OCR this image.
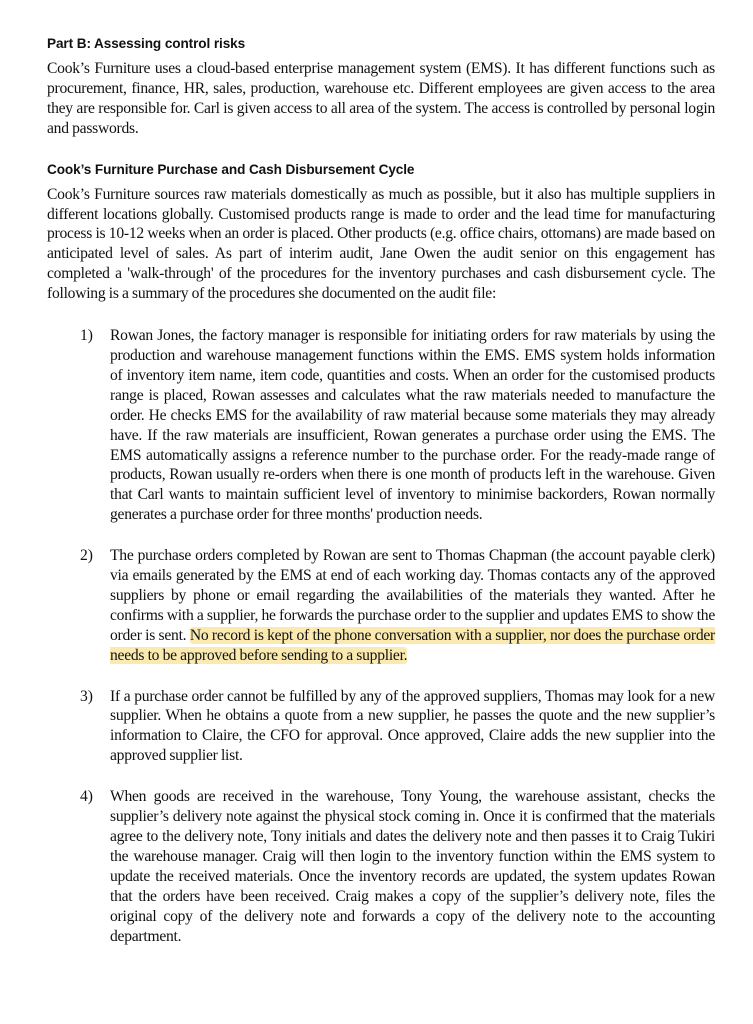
Part B: Assessing control risks

Cook’s Furniture uses a cloud-based enterprise management system (EMS). It has different functions such as procurement, finance, HR, sales, production, warehouse etc. Different employees are given access to the area they are responsible for. Carl is given access to all area of the system. The access is controlled by personal login and passwords.

Cook’s Furniture Purchase and Cash Disbursement Cycle

Cook’s Furniture sources raw materials domestically as much as possible, but it also has multiple suppliers in different locations globally. Customised products range is made to order and the lead time for manufacturing process is 10-12 weeks when an order is placed. Other products (e.g. office chairs, ottomans) are made based on anticipated level of sales. As part of interim audit, Jane Owen the audit senior on this engagement has completed a 'walk-through' of the procedures for the inventory purchases and cash disbursement cycle. The following is a summary of the procedures she documented on the audit file:

1) Rowan Jones, the factory manager is responsible for initiating orders for raw materials by using the production and warehouse management functions within the EMS. EMS system holds information of inventory item name, item code, quantities and costs. When an order for the customised products range is placed, Rowan assesses and calculates what the raw materials needed to manufacture the order. He checks EMS for the availability of raw material because some materials they may already have. If the raw materials are insufficient, Rowan generates a purchase order using the EMS. The EMS automatically assigns a reference number to the purchase order. For the ready-made range of products, Rowan usually re-orders when there is one month of products left in the warehouse. Given that Carl wants to maintain sufficient level of inventory to minimise backorders, Rowan normally generates a purchase order for three months' production needs.

2) The purchase orders completed by Rowan are sent to Thomas Chapman (the account payable clerk) via emails generated by the EMS at end of each working day. Thomas contacts any of the approved suppliers by phone or email regarding the availabilities of the materials they wanted. After he confirms with a supplier, he forwards the purchase order to the supplier and updates EMS to show the order is sent. No record is kept of the phone conversation with a supplier, nor does the purchase order needs to be approved before sending to a supplier.

3) If a purchase order cannot be fulfilled by any of the approved suppliers, Thomas may look for a new supplier. When he obtains a quote from a new supplier, he passes the quote and the new supplier’s information to Claire, the CFO for approval. Once approved, Claire adds the new supplier into the approved supplier list.

4) When goods are received in the warehouse, Tony Young, the warehouse assistant, checks the supplier’s delivery note against the physical stock coming in. Once it is confirmed that the materials agree to the delivery note, Tony initials and dates the delivery note and then passes it to Craig Tukiri the warehouse manager. Craig will then login to the inventory function within the EMS system to update the received materials. Once the inventory records are updated, the system updates Rowan that the orders have been received. Craig makes a copy of the supplier’s delivery note, files the original copy of the delivery note and forwards a copy of the delivery note to the accounting department.
